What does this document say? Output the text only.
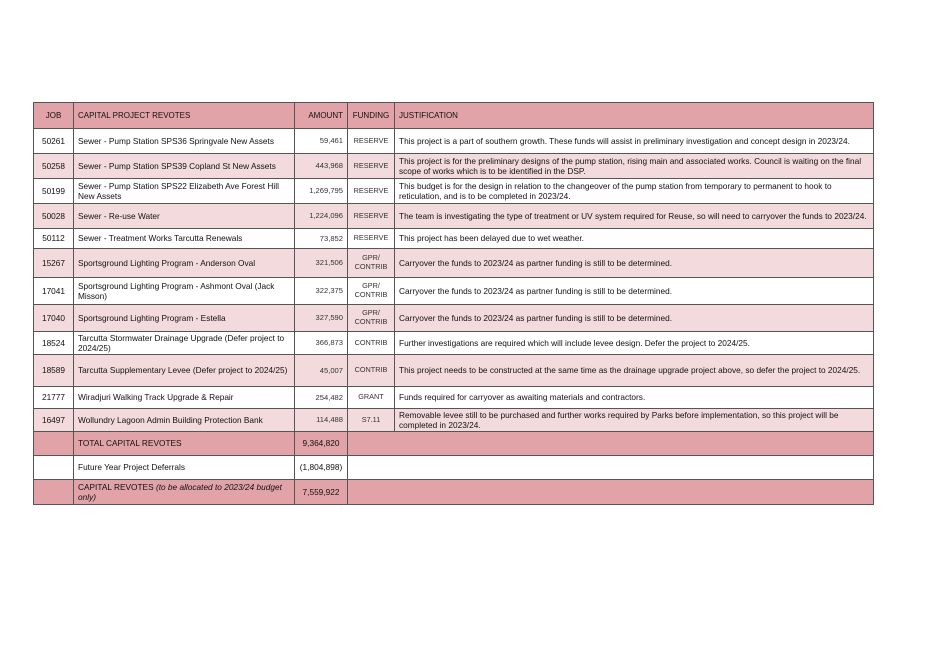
JOB	CAPITAL PROJECT REVOTES	AMOUNT	FUNDING	JUSTIFICATION
50261	Sewer - Pump Station SPS36 Springvale New Assets	59,461	RESERVE	This project is a part of southern growth. These funds will assist in preliminary investigation and concept design in 2023/24.
50258	Sewer - Pump Station SPS39 Copland St New Assets	443,968	RESERVE	This project is for the preliminary designs of the pump station, rising main and associated works. Council is waiting on the final scope of works which is to be identified in the DSP.
50199	Sewer - Pump Station SPS22 Elizabeth Ave Forest Hill New Assets	1,269,795	RESERVE	This budget is for the design in relation to the changeover of the pump station from temporary to permanent to hook to reticulation, and is to be completed in 2023/24.
50028	Sewer - Re-use Water	1,224,096	RESERVE	The team is investigating the type of treatment or UV system required for Reuse, so will need to carryover the funds to 2023/24.
50112	Sewer - Treatment Works Tarcutta Renewals	73,852	RESERVE	This project has been delayed due to wet weather.
15267	Sportsground Lighting Program - Anderson Oval	321,506	GPR/ CONTRIB	Carryover the funds to 2023/24 as partner funding is still to be determined.
17041	Sportsground Lighting Program - Ashmont Oval (Jack Misson)	322,375	GPR/ CONTRIB	Carryover the funds to 2023/24 as partner funding is still to be determined.
17040	Sportsground Lighting Program - Estella	327,590	GPR/ CONTRIB	Carryover the funds to 2023/24 as partner funding is still to be determined.
18524	Tarcutta Stormwater Drainage Upgrade (Defer project to 2024/25)	366,873	CONTRIB	Further investigations are required which will include levee design. Defer the project to 2024/25.
18589	Tarcutta Supplementary Levee (Defer project to 2024/25)	45,007	CONTRIB	This project needs to be constructed at the same time as the drainage upgrade project above, so defer the project to 2024/25.
21777	Wiradjuri Walking Track Upgrade & Repair	254,482	GRANT	Funds required for carryover as awaiting materials and contractors.
16497	Wollundry Lagoon Admin Building Protection Bank	114,488	S7.11	Removable levee still to be purchased and further works required by Parks before implementation, so this project will be completed in 2023/24.
	TOTAL CAPITAL REVOTES	9,364,820		
	Future Year Project Deferrals	(1,804,898)		
	CAPITAL REVOTES (to be allocated to 2023/24 budget only)	7,559,922		
